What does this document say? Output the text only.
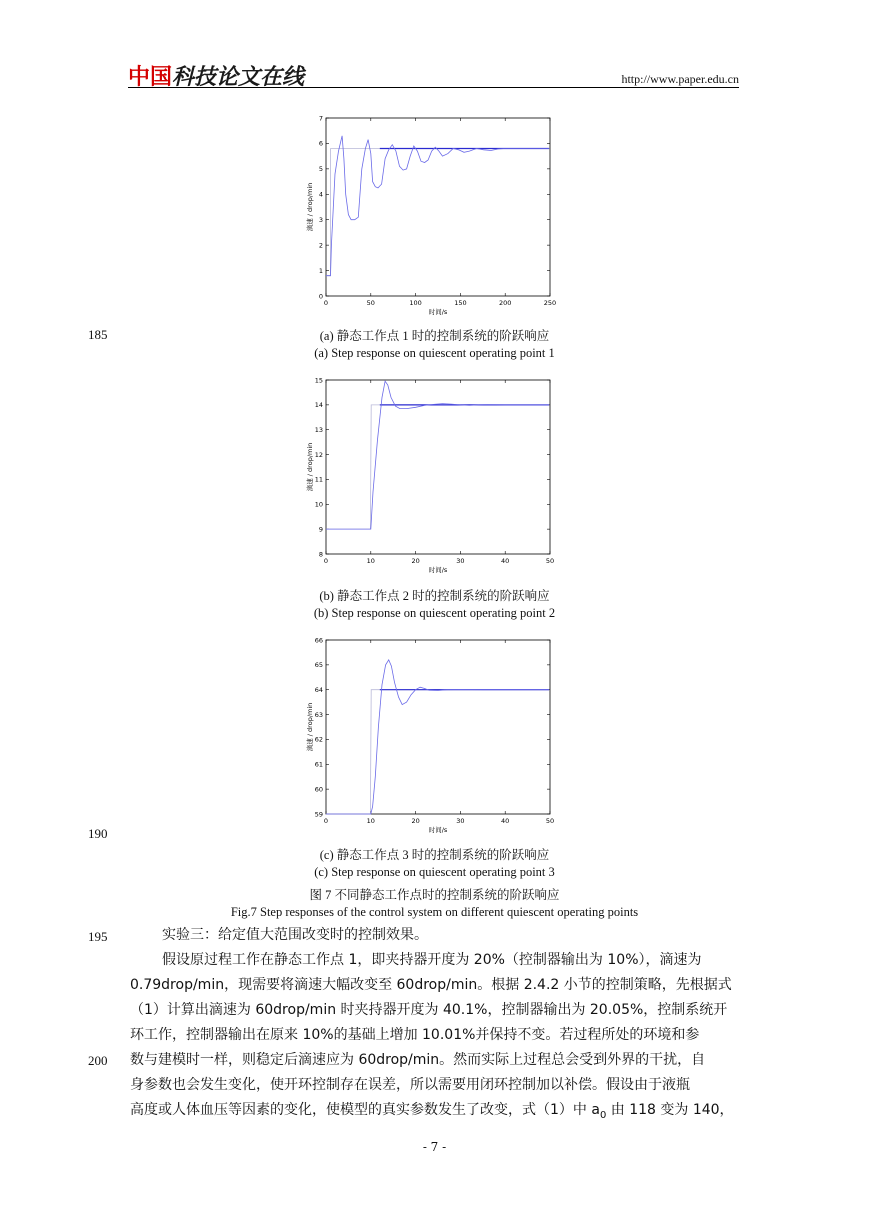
中国科技论文在线	http://www.paper.edu.cn
0	50	100	150	200	250
0
1
2
3
4
5
6
7
时间/s
滴速 / drop/min
185	(a) 静态工作点 1 时的控制系统的阶跃响应
(a) Step response on quiescent operating point 1
0	10	20	30	40	50
8
9
10
11
12
13
14
15
时间/s
滴速 / drop/min
(b) 静态工作点 2 时的控制系统的阶跃响应
(b) Step response on quiescent operating point 2
0	10	20	30	40	50
59
60
61
62
63
64
65
66
时间/s
滴速 / drop/min
190
(c) 静态工作点 3 时的控制系统的阶跃响应
(c) Step response on quiescent operating point 3
图 7 不同静态工作点时的控制系统的阶跃响应
Fig.7 Step responses of the control system on different quiescent operating points
195	实验三：给定值大范围改变时的控制效果。
假设原过程工作在静态工作点 1，即夹持器开度为 20%（控制器输出为 10%），滴速为
0.79drop/min，现需要将滴速大幅改变至 60drop/min。根据 2.4.2 小节的控制策略，先根据式
（1）计算出滴速为 60drop/min 时夹持器开度为 40.1%，控制器输出为 20.05%，控制系统开
环工作，控制器输出在原来 10%的基础上增加 10.01%并保持不变。若过程所处的环境和参
200 数与建模时一样，则稳定后滴速应为 60drop/min。然而实际上过程总会受到外界的干扰，自
身参数也会发生变化，使开环控制存在误差，所以需要用闭环控制加以补偿。假设由于液瓶
高度或人体血压等因素的变化，使模型的真实参数发生了改变，式（1）中 $a_0$ 由 118 变为 140，
- 7 -
